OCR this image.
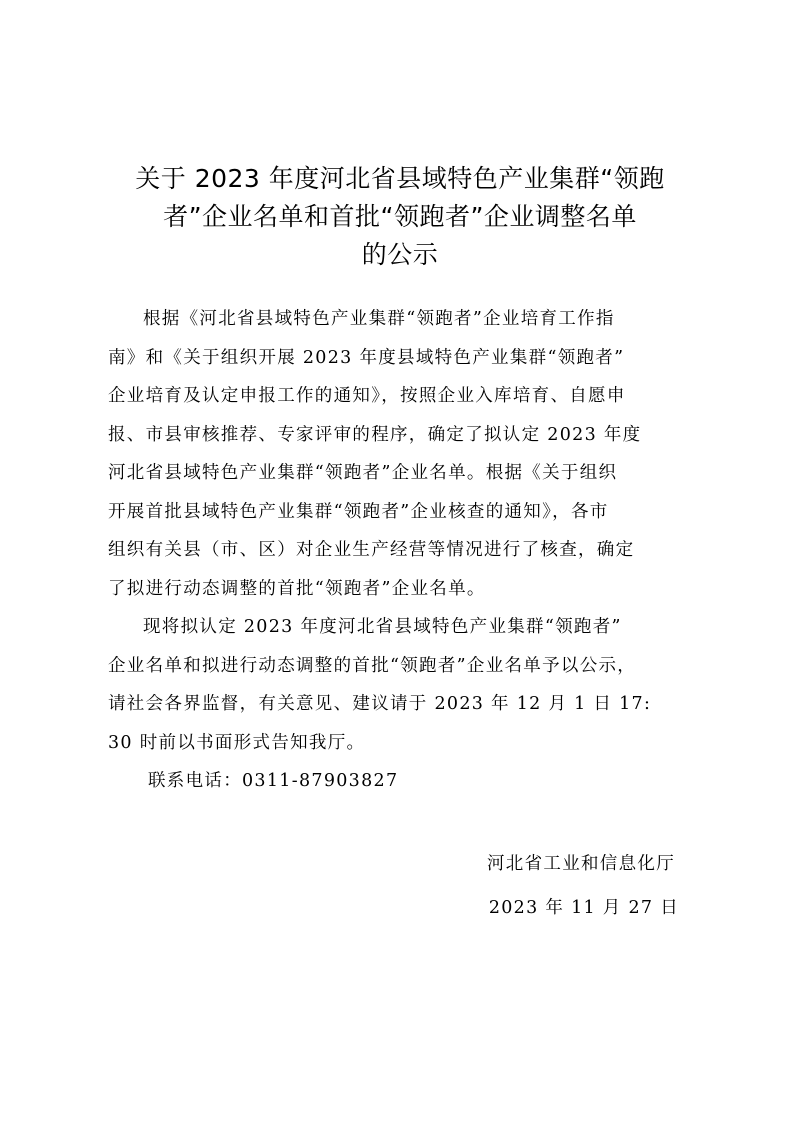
关于 2023 年度河北省县域特色产业集群“领跑
者”企业名单和首批“领跑者”企业调整名单
的公示

根据《河北省县域特色产业集群“领跑者”企业培育工作指
南》和《关于组织开展 2023 年度县域特色产业集群“领跑者”
企业培育及认定申报工作的通知》，按照企业入库培育、自愿申
报、市县审核推荐、专家评审的程序，确定了拟认定 2023 年度
河北省县域特色产业集群“领跑者”企业名单。根据《关于组织
开展首批县域特色产业集群“领跑者”企业核查的通知》，各市
组织有关县（市、区）对企业生产经营等情况进行了核查，确定
了拟进行动态调整的首批“领跑者”企业名单。

现将拟认定 2023 年度河北省县域特色产业集群“领跑者”
企业名单和拟进行动态调整的首批“领跑者”企业名单予以公示，
请社会各界监督，有关意见、建议请于 2023 年 12 月 1 日 17:
30 时前以书面形式告知我厅。

联系电话：0311-87903827

河北省工业和信息化厅
2023 年 11 月 27 日
